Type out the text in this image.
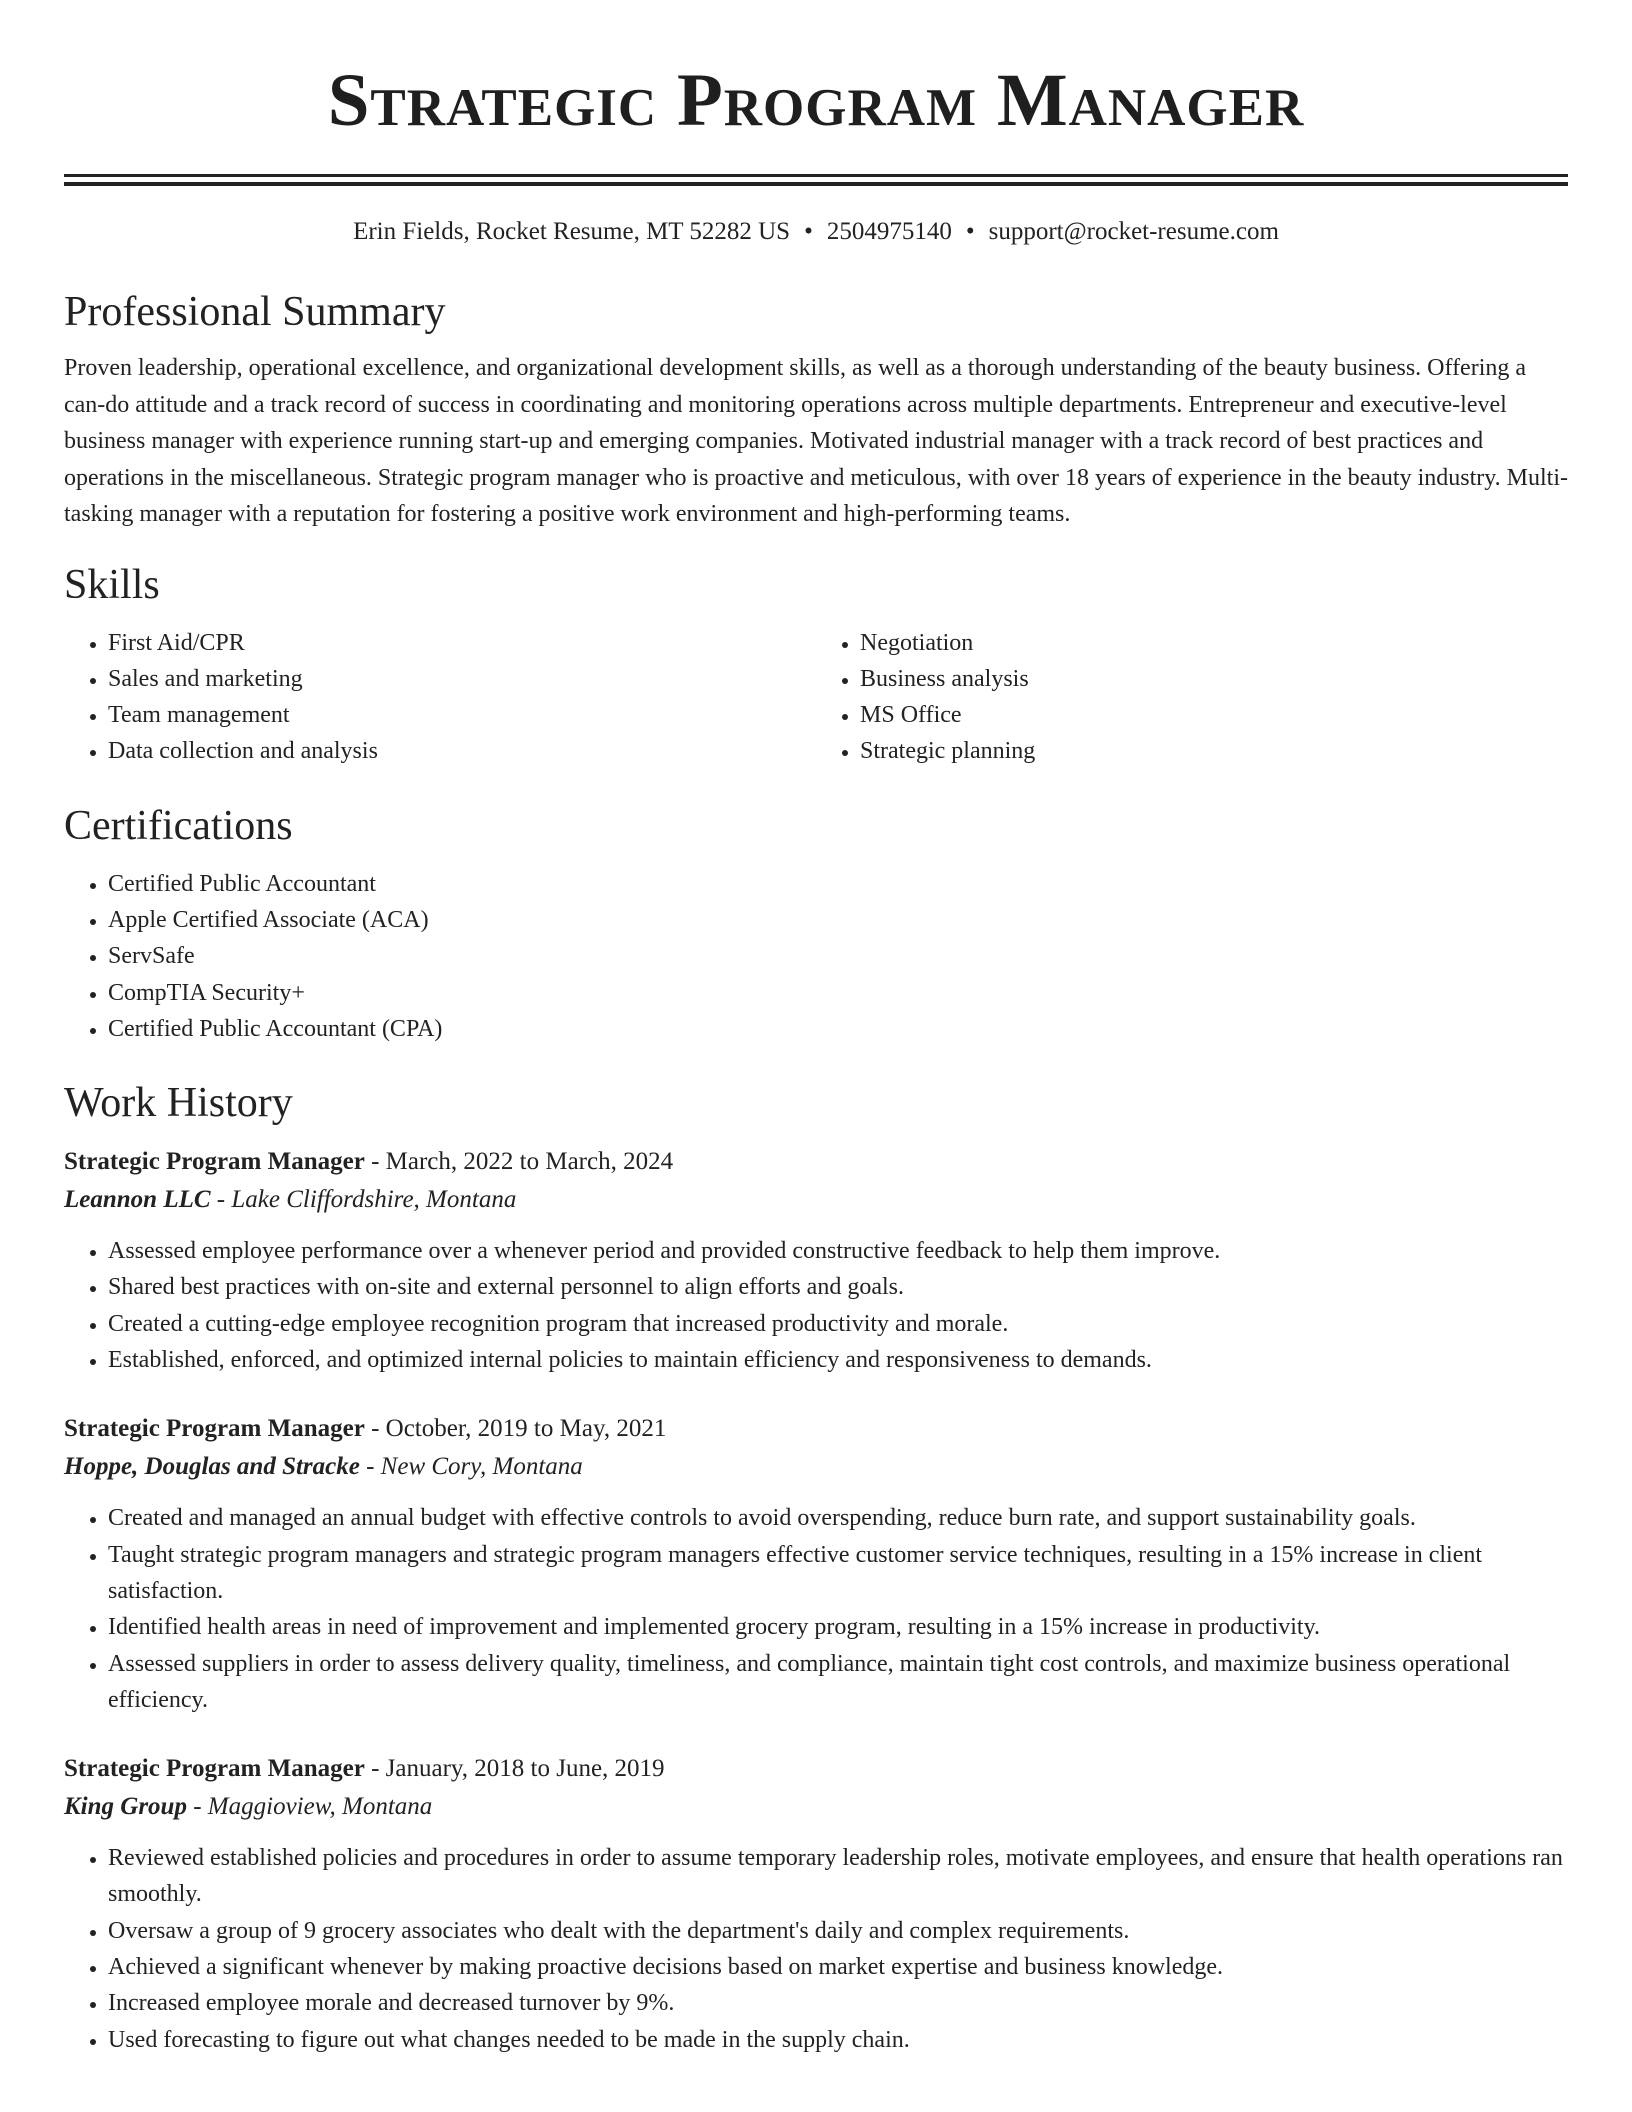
Strategic Program Manager
Erin Fields, Rocket Resume, MT 52282 US • 2504975140 • support@rocket-resume.com
Professional Summary

Proven leadership, operational excellence, and organizational development skills, as well as a thorough understanding of the beauty business. Offering a can-do attitude and a track record of success in coordinating and monitoring operations across multiple departments. Entrepreneur and executive-level business manager with experience running start-up and emerging companies. Motivated industrial manager with a track record of best practices and operations in the miscellaneous. Strategic program manager who is proactive and meticulous, with over 18 years of experience in the beauty industry. Multi-tasking manager with a reputation for fostering a positive work environment and high-performing teams.

Skills
• First Aid/CPR
• Sales and marketing
• Team management
• Data collection and analysis
• Negotiation
• Business analysis
• MS Office
• Strategic planning
Certifications
• Certified Public Accountant
• Apple Certified Associate (ACA)
• ServSafe
• CompTIA Security+
• Certified Public Accountant (CPA)
Work History
Strategic Program Manager - March, 2022 to March, 2024
Leannon LLC - Lake Cliffordshire, Montana
• Assessed employee performance over a whenever period and provided constructive feedback to help them improve.
• Shared best practices with on-site and external personnel to align efforts and goals.
• Created a cutting-edge employee recognition program that increased productivity and morale.
• Established, enforced, and optimized internal policies to maintain efficiency and responsiveness to demands.
Strategic Program Manager - October, 2019 to May, 2021
Hoppe, Douglas and Stracke - New Cory, Montana
• Created and managed an annual budget with effective controls to avoid overspending, reduce burn rate, and support sustainability goals.
• Taught strategic program managers and strategic program managers effective customer service techniques, resulting in a 15% increase in client satisfaction.
• Identified health areas in need of improvement and implemented grocery program, resulting in a 15% increase in productivity.
• Assessed suppliers in order to assess delivery quality, timeliness, and compliance, maintain tight cost controls, and maximize business operational efficiency.
Strategic Program Manager - January, 2018 to June, 2019
King Group - Maggioview, Montana
• Reviewed established policies and procedures in order to assume temporary leadership roles, motivate employees, and ensure that health operations ran smoothly.
• Oversaw a group of 9 grocery associates who dealt with the department's daily and complex requirements.
• Achieved a significant whenever by making proactive decisions based on market expertise and business knowledge.
• Increased employee morale and decreased turnover by 9%.
• Used forecasting to figure out what changes needed to be made in the supply chain.
